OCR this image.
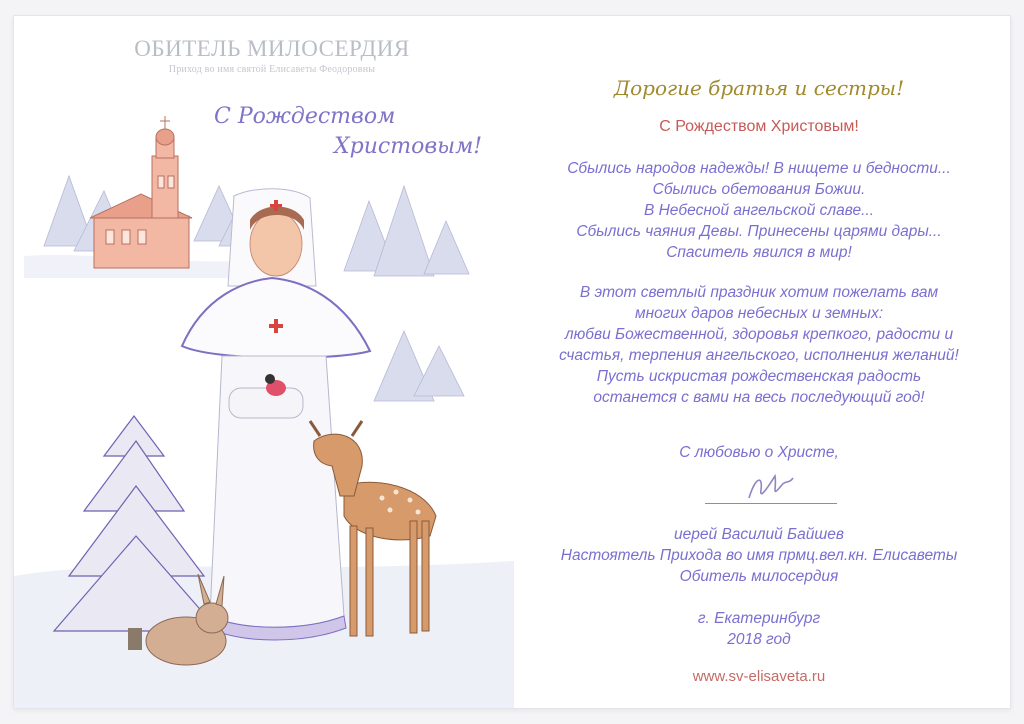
ОБИТЕЛЬ МИЛОСЕРДИЯ
Приход во имя святой Елисаветы Феодоровны
С Рождеством
Христовым!
Дорогие братья и сестры!
С Рождеством Христовым!
Сбылись народов надежды! В нищете и бедности...
Сбылись обетования Божии.
В Небесной ангельской славе...
Сбылись чаяния Девы. Принесены царями дары...
Спаситель явился в мир!
В этот светлый праздник хотим пожелать вам
многих даров небесных и земных:
любви Божественной, здоровья крепкого, радости и
счастья, терпения ангельского, исполнения желаний!
Пусть искристая рождественская радость
останется с вами на весь последующий год!
С любовью о Христе,
иерей Василий Байшев
Настоятель Прихода во имя прмц.вел.кн. Елисаветы
Обитель милосердия
г. Екатеринбург
2018 год
www.sv-elisaveta.ru
